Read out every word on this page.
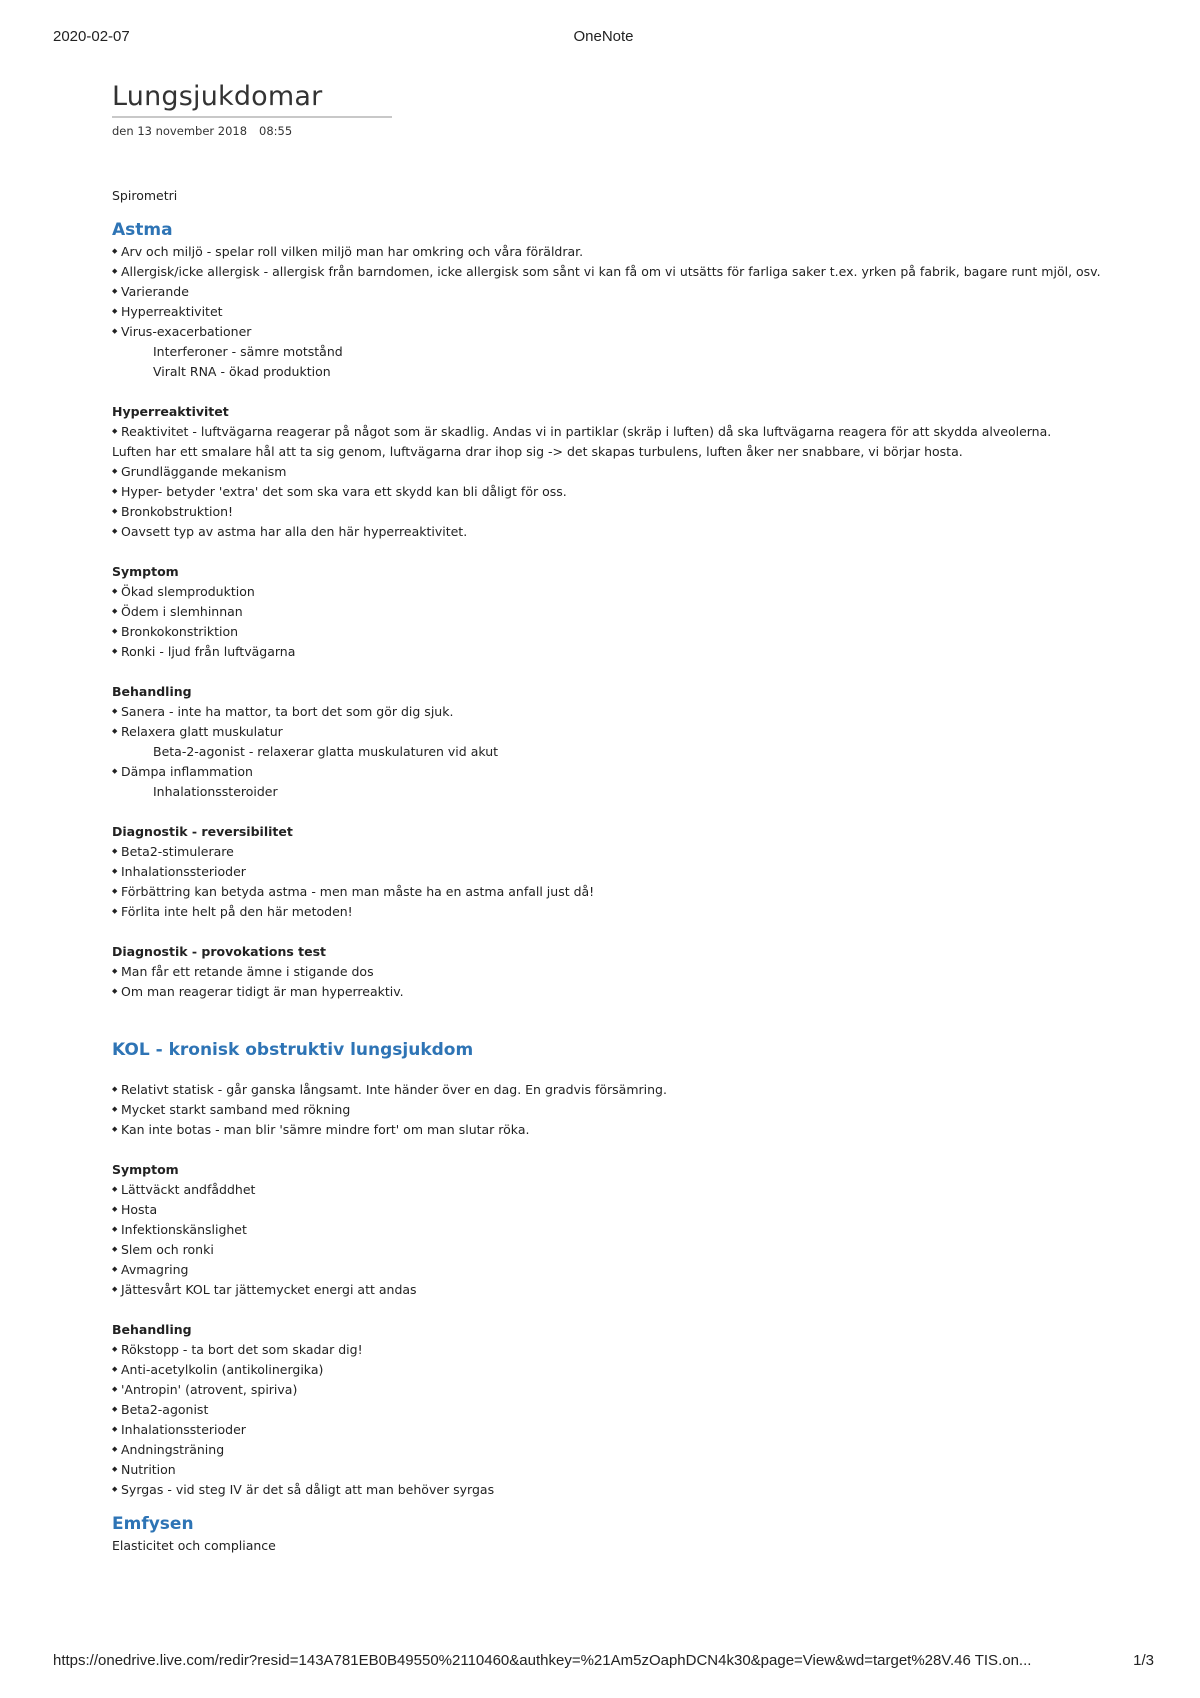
2020-02-07	OneNote
Lungsjukdomar
den 13 november 2018 08:55
Spirometri
Astma
◆ Arv och miljö - spelar roll vilken miljö man har omkring och våra föräldrar.
◆ Allergisk/icke allergisk - allergisk från barndomen, icke allergisk som sånt vi kan få om vi utsätts för farliga saker t.ex. yrken på fabrik, bagare runt mjöl, osv.
◆ Varierande
◆ Hyperreaktivitet
◆ Virus-exacerbationer
Interferoner - sämre motstånd
Viralt RNA - ökad produktion
Hyperreaktivitet
◆ Reaktivitet - luftvägarna reagerar på något som är skadlig. Andas vi in partiklar (skräp i luften) då ska luftvägarna reagera för att skydda alveolerna.
Luften har ett smalare hål att ta sig genom, luftvägarna drar ihop sig -> det skapas turbulens, luften åker ner snabbare, vi börjar hosta.
◆ Grundläggande mekanism
◆ Hyper- betyder 'extra' det som ska vara ett skydd kan bli dåligt för oss.
◆ Bronkobstruktion!
◆ Oavsett typ av astma har alla den här hyperreaktivitet.
Symptom
◆ Ökad slemproduktion
◆ Ödem i slemhinnan
◆ Bronkokonstriktion
◆ Ronki - ljud från luftvägarna
Behandling
◆ Sanera - inte ha mattor, ta bort det som gör dig sjuk.
◆ Relaxera glatt muskulatur
Beta-2-agonist - relaxerar glatta muskulaturen vid akut
◆ Dämpa inflammation
Inhalationssteroider
Diagnostik - reversibilitet
◆ Beta2-stimulerare
◆ Inhalationssterioder
◆ Förbättring kan betyda astma - men man måste ha en astma anfall just då!
◆ Förlita inte helt på den här metoden!
Diagnostik - provokations test
◆ Man får ett retande ämne i stigande dos
◆ Om man reagerar tidigt är man hyperreaktiv.
KOL - kronisk obstruktiv lungsjukdom
◆ Relativt statisk - går ganska långsamt. Inte händer över en dag. En gradvis försämring.
◆ Mycket starkt samband med rökning
◆ Kan inte botas - man blir 'sämre mindre fort' om man slutar röka.
Symptom
◆ Lättväckt andfåddhet
◆ Hosta
◆ Infektionskänslighet
◆ Slem och ronki
◆ Avmagring
◆ Jättesvårt KOL tar jättemycket energi att andas
Behandling
◆ Rökstopp - ta bort det som skadar dig!
◆ Anti-acetylkolin (antikolinergika)
◆ 'Antropin' (atrovent, spiriva)
◆ Beta2-agonist
◆ Inhalationssterioder
◆ Andningsträning
◆ Nutrition
◆ Syrgas - vid steg IV är det så dåligt att man behöver syrgas
Emfysen
Elasticitet och compliance
https://onedrive.live.com/redir?resid=143A781EB0B49550%2110460&authkey=%21Am5zOaphDCN4k30&page=View&wd=target%28V.46 TIS.on...	1/3
